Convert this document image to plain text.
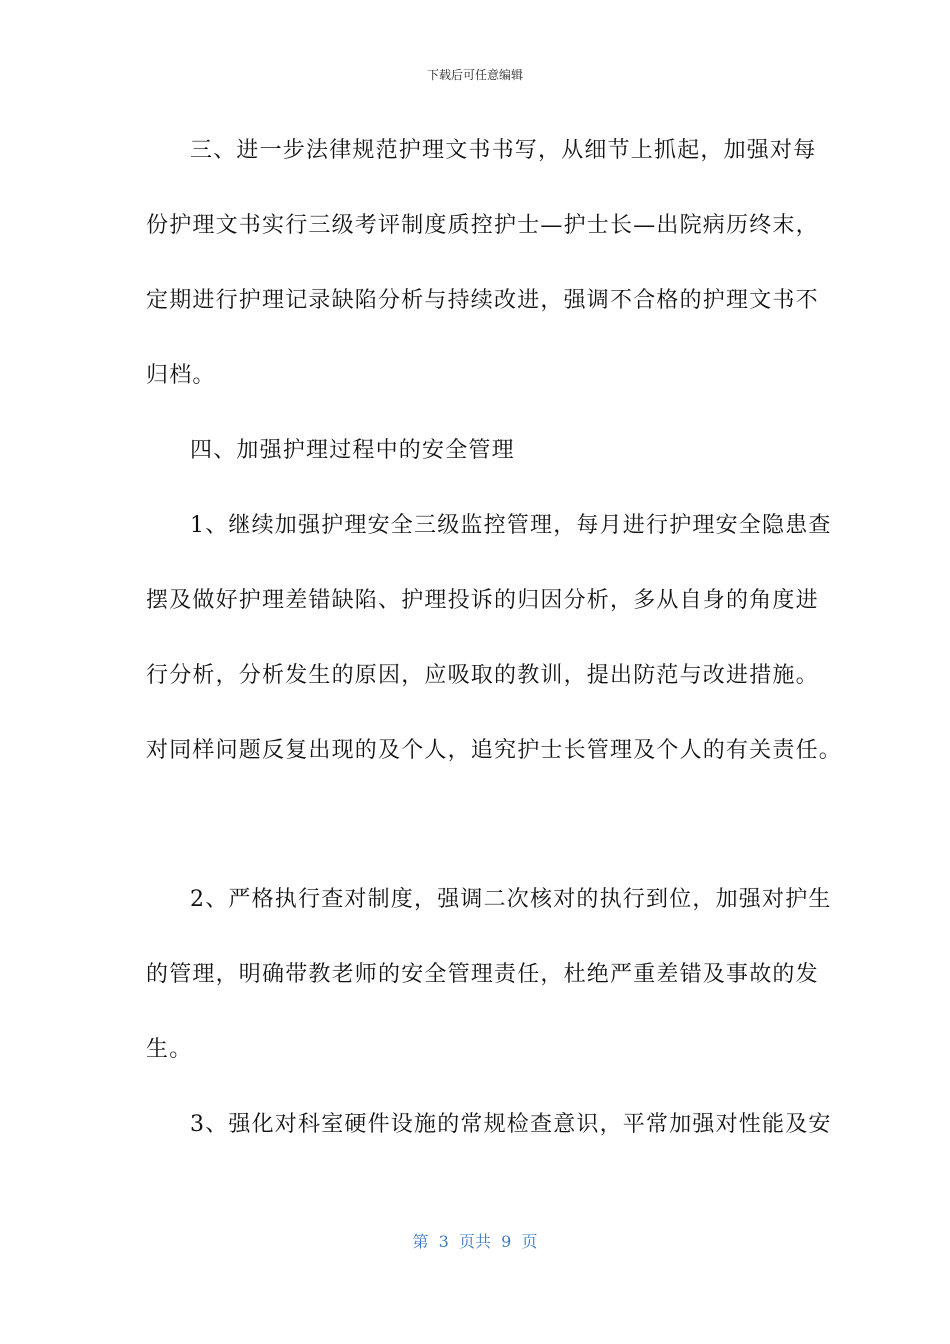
下载后可任意编辑
三、进一步法律规范护理文书书写，从细节上抓起，加强对每
份护理文书实行三级考评制度质控护士—护士长—出院病历终末，
定期进行护理记录缺陷分析与持续改进，强调不合格的护理文书不
归档。
四、加强护理过程中的安全管理
1、继续加强护理安全三级监控管理，每月进行护理安全隐患查
摆及做好护理差错缺陷、护理投诉的归因分析，多从自身的角度进
行分析，分析发生的原因，应吸取的教训，提出防范与改进措施。
对同样问题反复出现的及个人，追究护士长管理及个人的有关责任。
2、严格执行查对制度，强调二次核对的执行到位，加强对护生
的管理，明确带教老师的安全管理责任，杜绝严重差错及事故的发
生。
3、强化对科室硬件设施的常规检查意识，平常加强对性能及安
第  3  页共  9  页
